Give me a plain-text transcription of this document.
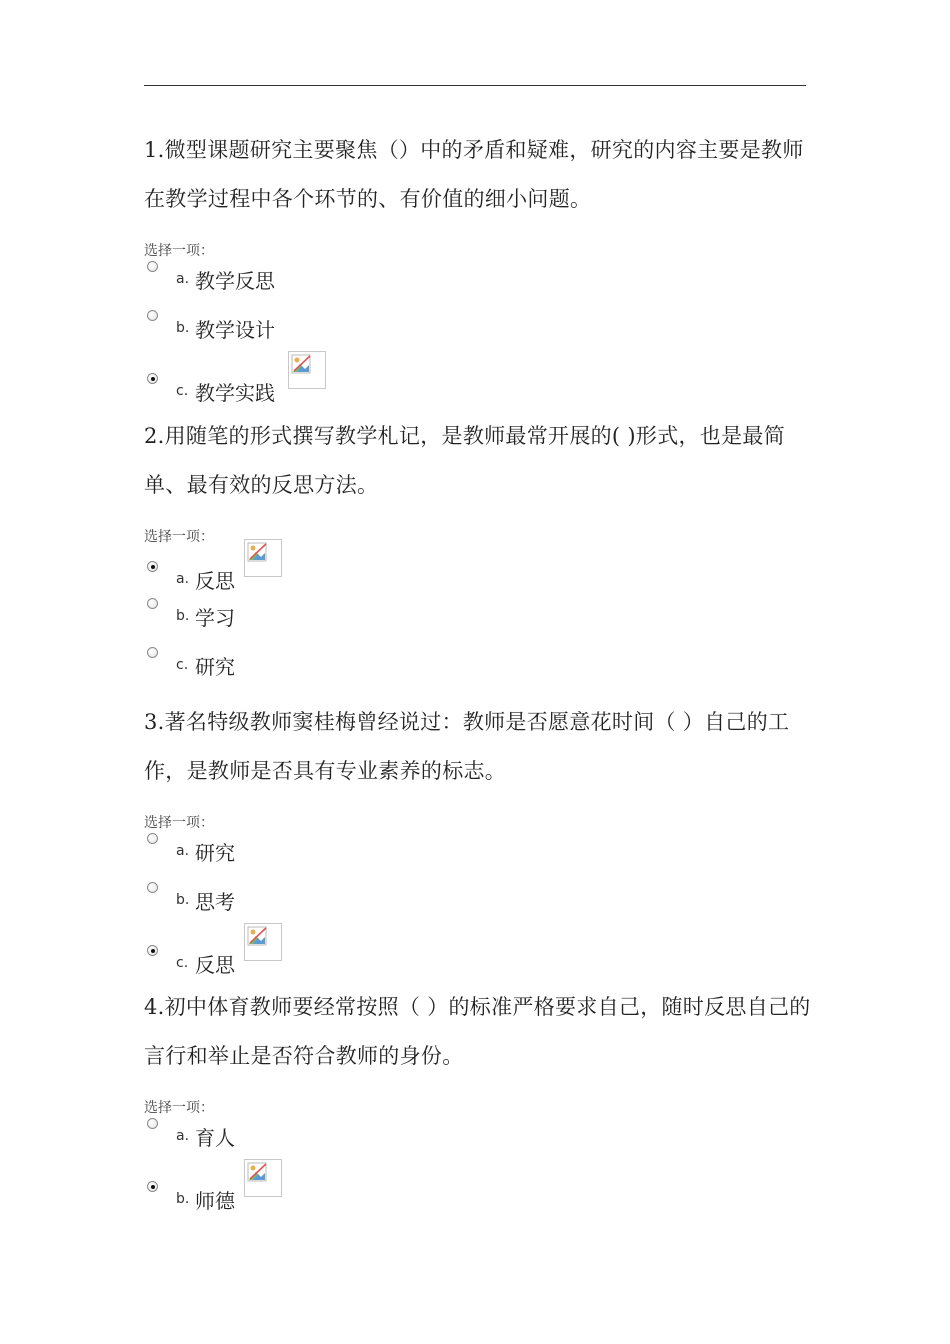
1.微型课题研究主要聚焦（）中的矛盾和疑难，研究的内容主要是教师在教学过程中各个环节的、有价值的细小问题。

选择一项：
a. 教学反思
b. 教学设计
c. 教学实践

2.用随笔的形式撰写教学札记，是教师最常开展的( )形式，也是最简单、最有效的反思方法。

选择一项：
a. 反思
b. 学习
c. 研究

3.著名特级教师窦桂梅曾经说过：教师是否愿意花时间（ ）自己的工作，是教师是否具有专业素养的标志。

选择一项：
a. 研究
b. 思考
c. 反思

4.初中体育教师要经常按照（ ）的标准严格要求自己，随时反思自己的言行和举止是否符合教师的身份。

选择一项：
a. 育人
b. 师德
